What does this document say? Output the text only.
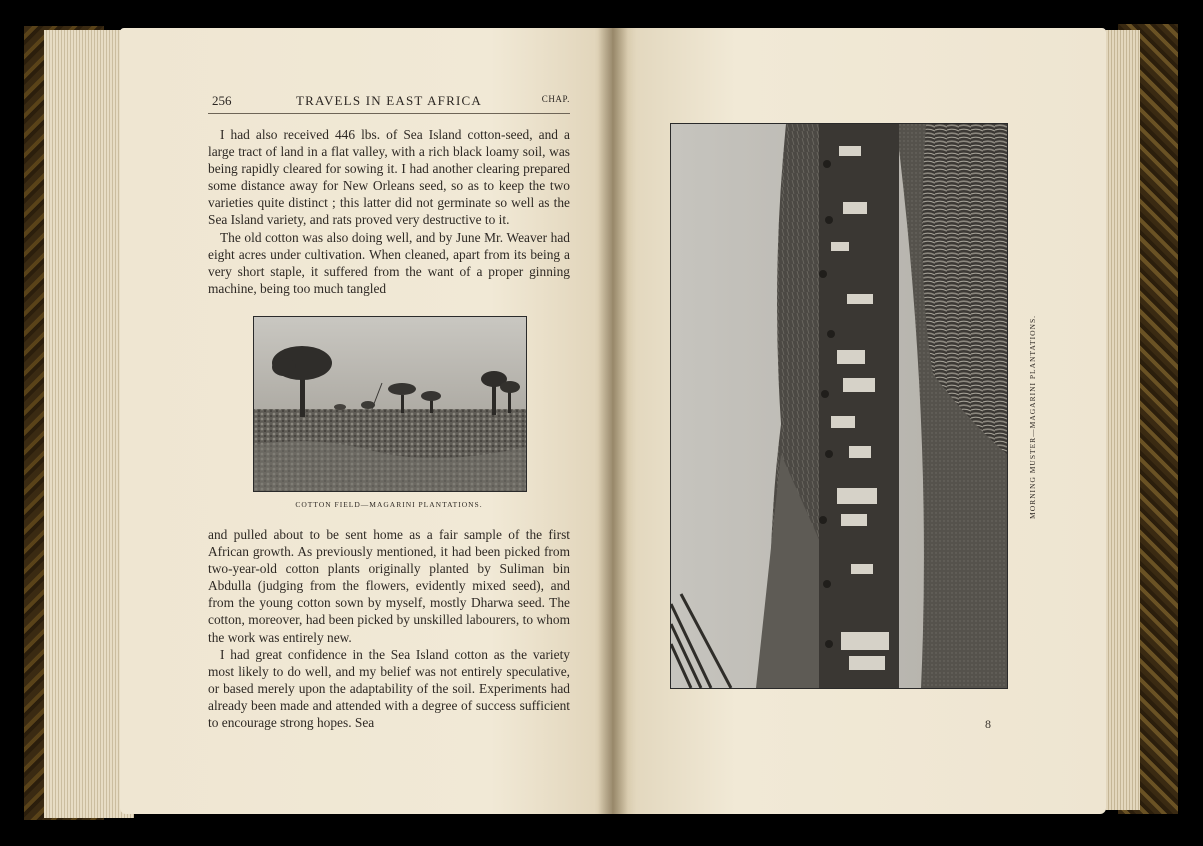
256	TRAVELS IN EAST AFRICA	CHAP.

I had also received 446 lbs. of Sea Island cotton-seed, and a large tract of land in a flat valley, with a rich black loamy soil, was being rapidly cleared for sowing it. I had another clearing prepared some distance away for New Orleans seed, so as to keep the two varieties quite distinct ; this latter did not germinate so well as the Sea Island variety, and rats proved very destructive to it.

The old cotton was also doing well, and by June Mr. Weaver had eight acres under cultivation. When cleaned, apart from its being a very short staple, it suffered from the want of a proper ginning machine, being too much tangled

COTTON FIELD—MAGARINI PLANTATIONS.

and pulled about to be sent home as a fair sample of the first African growth. As previously mentioned, it had been picked from two-year-old cotton plants originally planted by Suliman bin Abdulla (judging from the flowers, evidently mixed seed), and from the young cotton sown by myself, mostly Dharwa seed. The cotton, moreover, had been picked by unskilled labourers, to whom the work was entirely new.

I had great confidence in the Sea Island cotton as the variety most likely to do well, and my belief was not entirely speculative, or based merely upon the adaptability of the soil. Experiments had already been made and attended with a degree of success sufficient to encourage strong hopes. Sea

MORNING MUSTER—MAGARINI PLANTATIONS.
8
